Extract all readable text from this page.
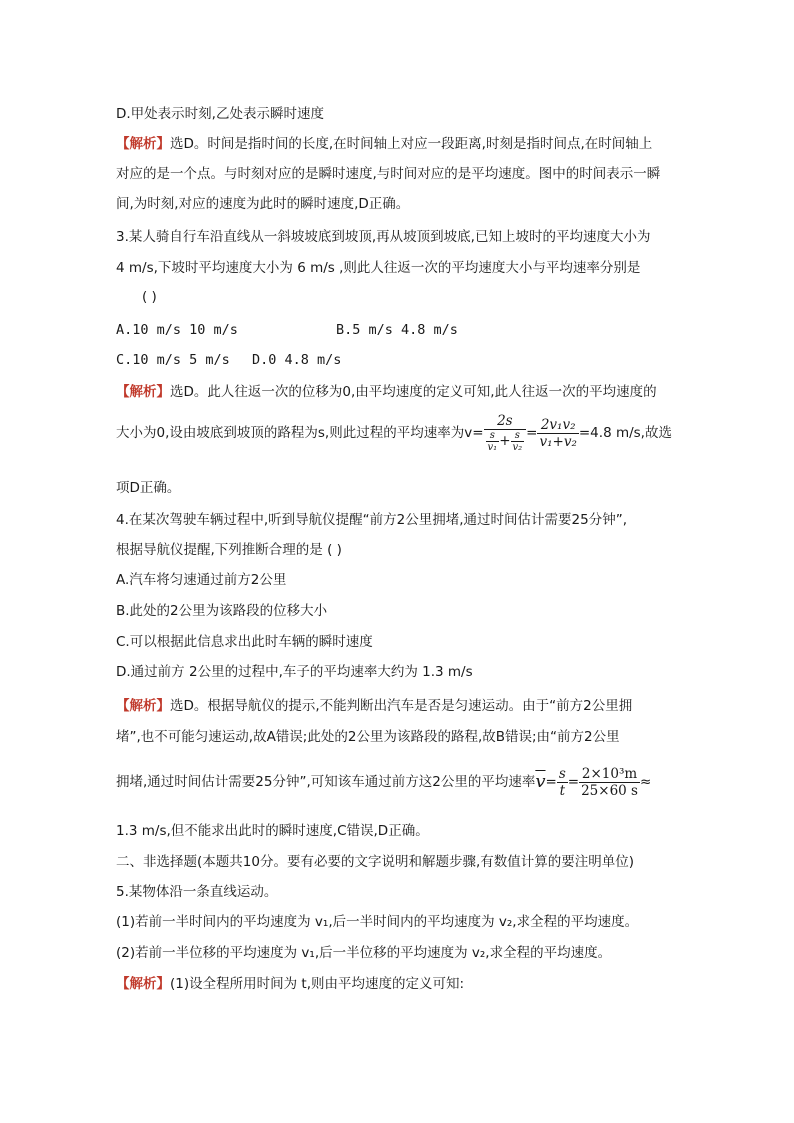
D.甲处表示时刻,乙处表示瞬时速度
【解析】选D。时间是指时间的长度,在时间轴上对应一段距离,时刻是指时间点,在时间轴上
对应的是一个点。与时刻对应的是瞬时速度,与时间对应的是平均速度。图中的时间表示一瞬
间,为时刻,对应的速度为此时的瞬时速度,D正确。
3.某人骑自行车沿直线从一斜坡坡底到坡顶,再从坡顶到坡底,已知上坡时的平均速度大小为
4 m/s,下坡时平均速度大小为 6 m/s ,则此人往返一次的平均速度大小与平均速率分别是
( )
A.10 m/s 10 m/s	B.5 m/s 4.8 m/s
C.10 m/s 5 m/s D.0 4.8 m/s
【解析】选D。此人往返一次的位移为0,由平均速度的定义可知,此人往返一次的平均速度的
大小为0,设由坡底到坡顶的路程为s,则此过程的平均速率为$v= \frac{2s}{\frac{s}{\text{v₁}} + \frac{s}{\text{v₂}}} = \frac{\text{2v₁v₂}}{\text{v₁+v₂}} =4.8$ m/s,故选
项D正确。
4.在某次驾驶车辆过程中,听到导航仪提醒“前方2公里拥堵,通过时间估计需要25分钟”,
根据导航仪提醒,下列推断合理的是 ( )
A.汽车将匀速通过前方2公里
B.此处的2公里为该路段的位移大小
C.可以根据此信息求出此时车辆的瞬时速度
D.通过前方 2公里的过程中,车子的平均速率大约为 1.3 m/s
【解析】选D。根据导航仪的提示,不能判断出汽车是否是匀速运动。由于“前方2公里拥
堵”,也不可能匀速运动,故A错误;此处的2公里为该路段的路程,故B错误;由“前方2公里
拥堵,通过时间估计需要25分钟”,可知该车通过前方这2公里的平均速率$\overline{v}= \frac{s}{t} = \frac{\text{2×10³m}}{25\times 60 s}$ ≈
1.3 m/s,但不能求出此时的瞬时速度,C错误,D正确。
二、非选择题(本题共10分。要有必要的文字说明和解题步骤,有数值计算的要注明单位)
5.某物体沿一条直线运动。
(1)若前一半时间内的平均速度为 v₁,后一半时间内的平均速度为 v₂,求全程的平均速度。
(2)若前一半位移的平均速度为 v₁,后一半位移的平均速度为 v₂,求全程的平均速度。
【解析】(1)设全程所用时间为 t,则由平均速度的定义可知:
